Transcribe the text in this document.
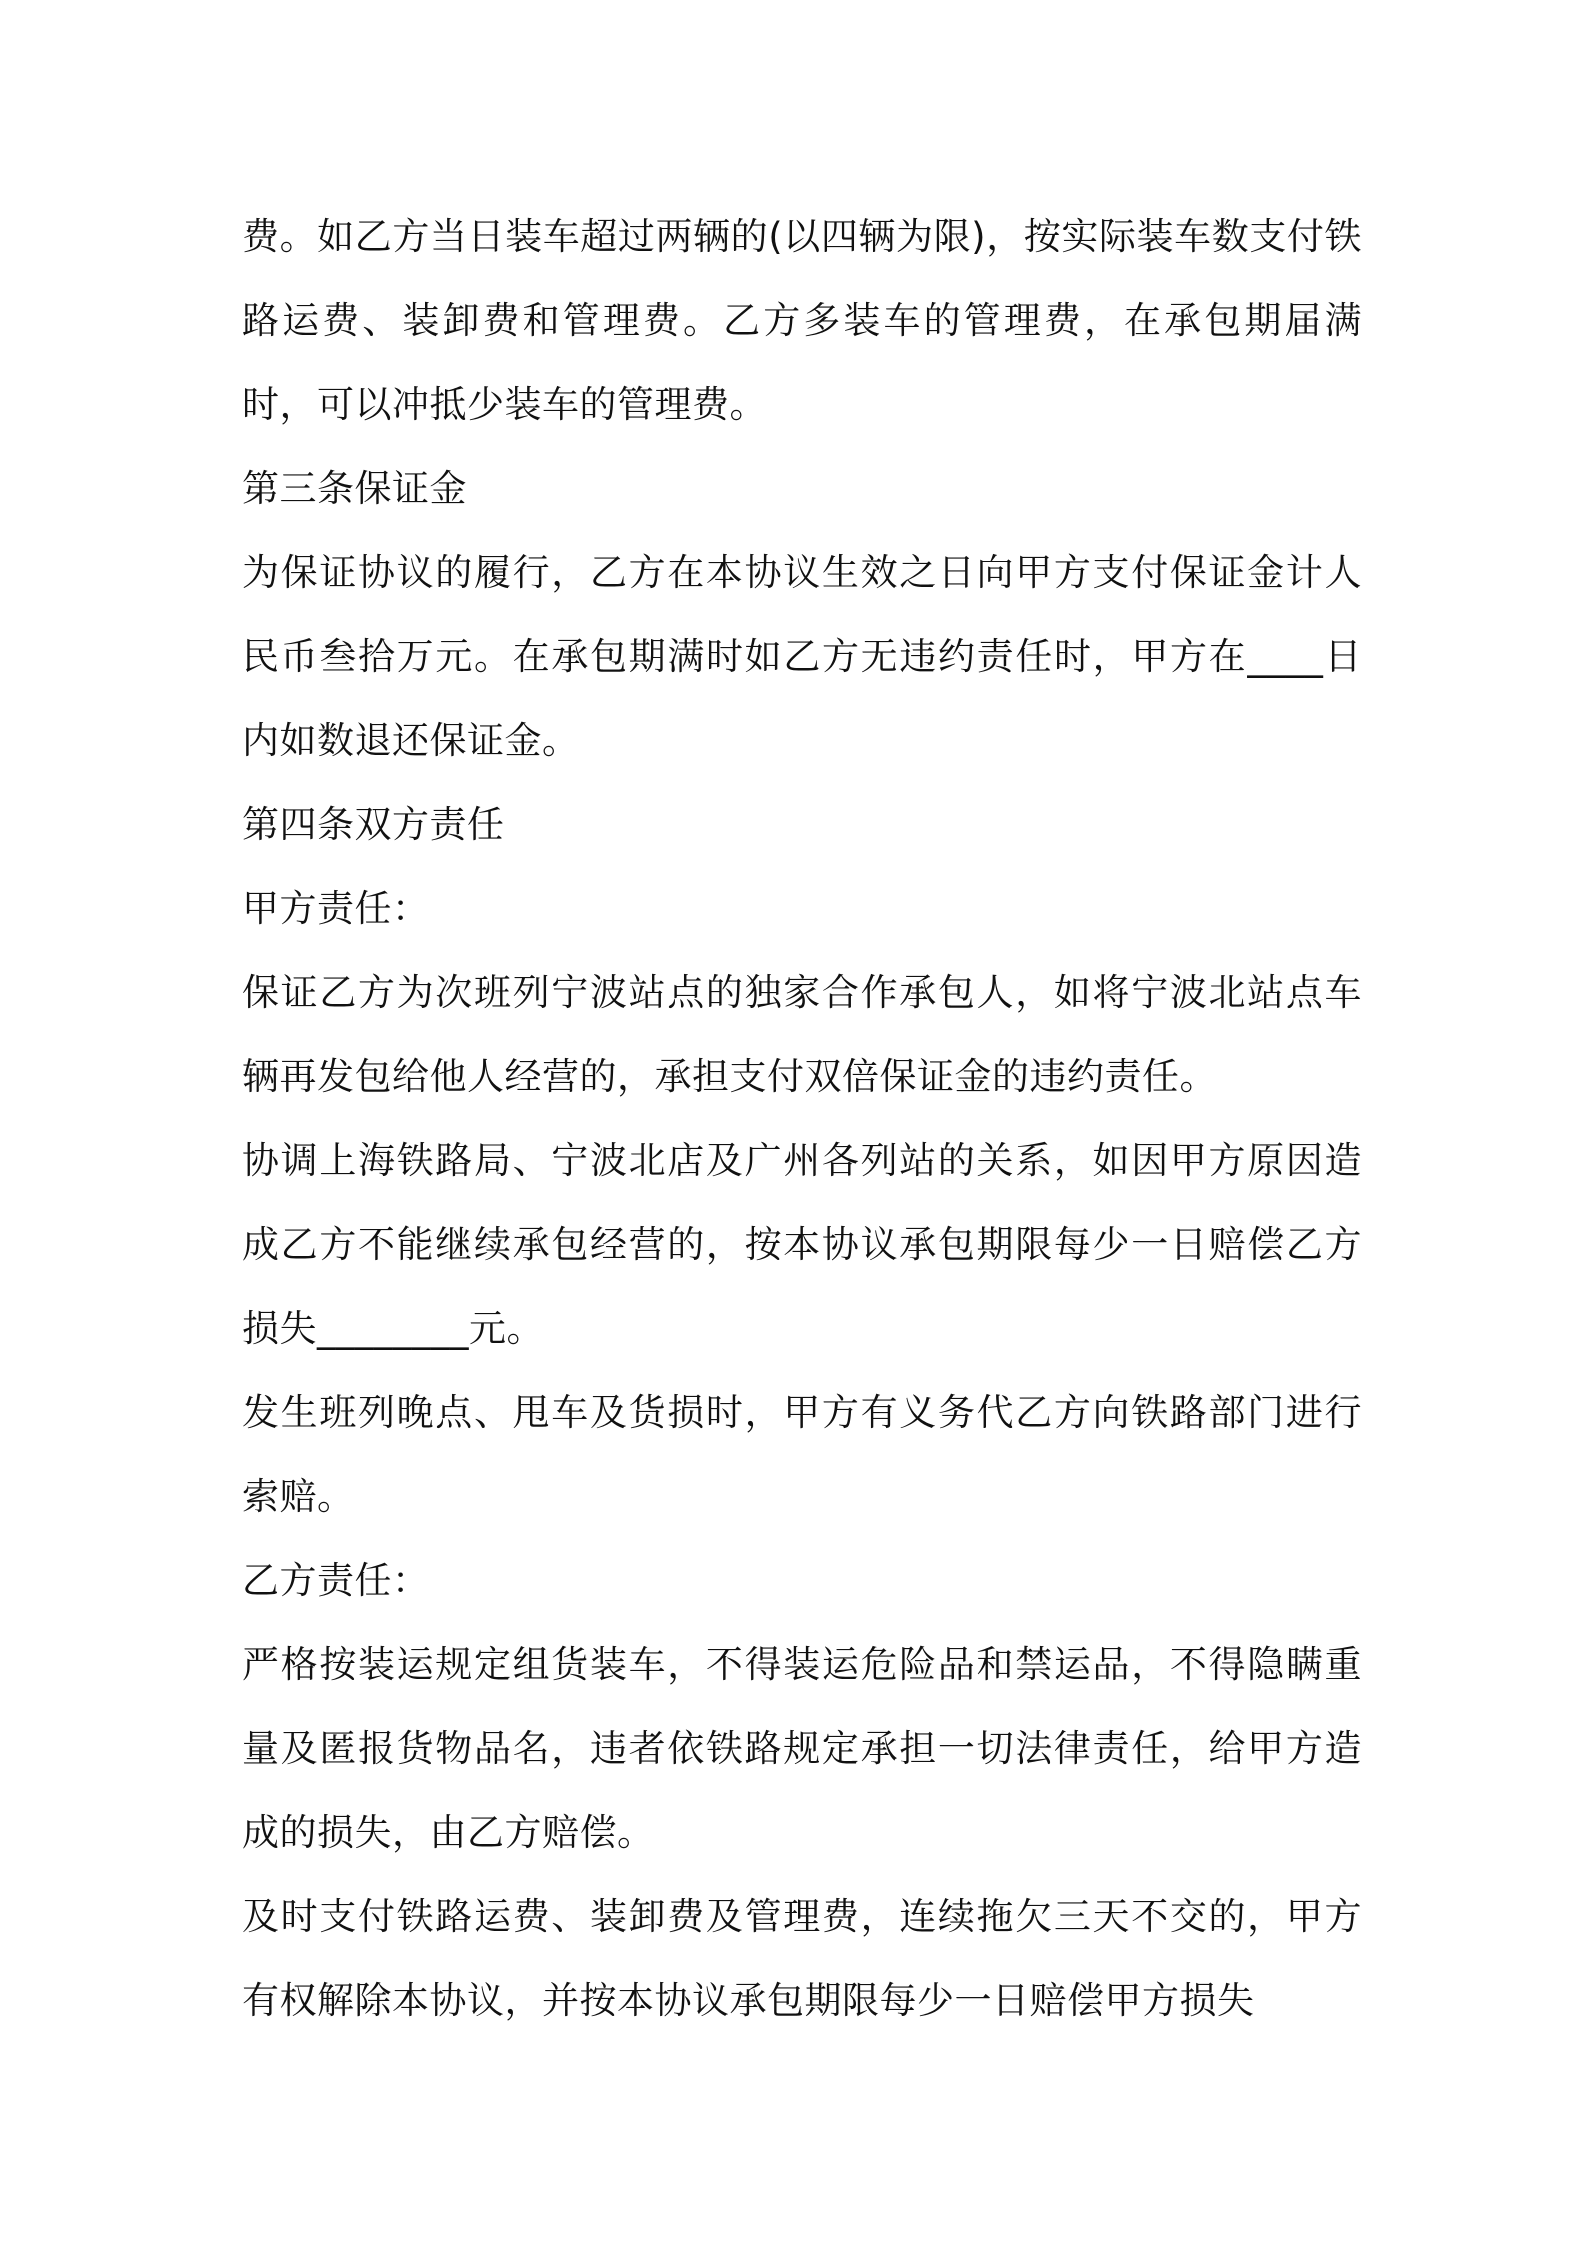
费。如乙方当日装车超过两辆的(以四辆为限)，按实际装车数支付铁路运费、装卸费和管理费。乙方多装车的管理费，在承包期届满时，可以冲抵少装车的管理费。

第三条保证金

为保证协议的履行，乙方在本协议生效之日向甲方支付保证金计人民币叁拾万元。在承包期满时如乙方无违约责任时，甲方在____日内如数退还保证金。

第四条双方责任

甲方责任：

保证乙方为次班列宁波站点的独家合作承包人，如将宁波北站点车辆再发包给他人经营的，承担支付双倍保证金的违约责任。

协调上海铁路局、宁波北店及广州各列站的关系，如因甲方原因造成乙方不能继续承包经营的，按本协议承包期限每少一日赔偿乙方损失________元。

发生班列晚点、甩车及货损时，甲方有义务代乙方向铁路部门进行索赔。

乙方责任：

严格按装运规定组货装车，不得装运危险品和禁运品，不得隐瞒重量及匿报货物品名，违者依铁路规定承担一切法律责任，给甲方造成的损失，由乙方赔偿。

及时支付铁路运费、装卸费及管理费，连续拖欠三天不交的，甲方有权解除本协议，并按本协议承包期限每少一日赔偿甲方损失
